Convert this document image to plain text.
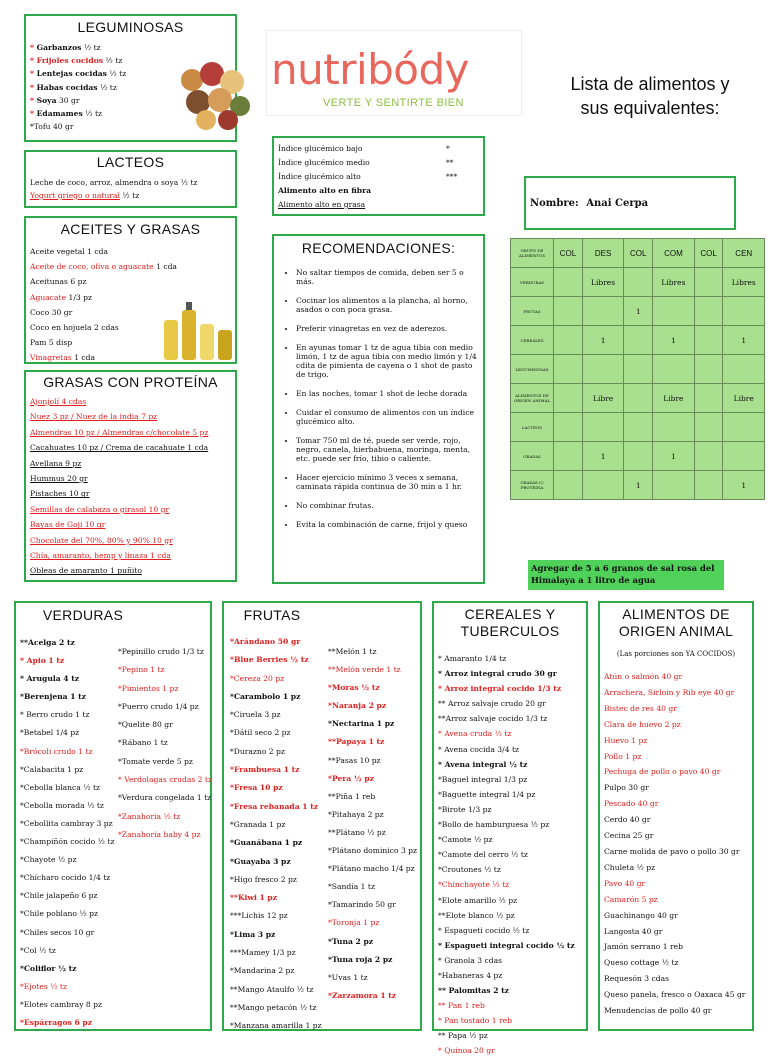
LEGUMINOSAS
* Garbanzos ½ tz
* Frijoles cocidos ½ tz
* Lentejas cocidas ½ tz
* Habas cocidas ½ tz
* Soya 30 gr
* Edamames ½ tz
*Tofu 40 gr
LACTEOS
Leche de coco, arroz, almendra o soya ½ tz
Yogurt griego o natural ½ tz
ACEITES Y GRASAS
Aceite vegetal 1 cda
Aceite de coco, oliva o aguacate 1 cda
Aceitunas 6 pz
Aguacate 1/3 pz
Coco 30 gr
Coco en hojuela 2 cdas
Pam 5 disp
Vinagretas 1 cda
GRASAS CON PROTEÍNA
Ajonjolí 4 cdas
Nuez 3 pz / Nuez de la india 7 pz
Almendras 10 pz / Almendras c/chocolate 5 pz
Cacahuates 10 pz / Crema de cacahuate 1 cda
Avellana 9 pz
Hummus 20 gr
Pistaches 10 gr
Semillas de calabaza o girasol 10 gr
Bayas de Goji 10 gr
Chocolate del 70%, 80% y 90% 10 gr
Chía, amaranto, hemp y linaza 1 cda
Obleas de amaranto 1 puñito
nutribódy
VERTE Y SENTIRTE BIEN
Lista de alimentos y sus equivalentes:
Índice glucémico bajo	*
Índice glucémico medio	**
Índice glucémico alto	***
Alimento alto en fibra
Alimento alto en grasa	Nombre: Anai Cerpa
RECOMENDACIONES:
• No saltar tiempos de comida, deben ser 5 o más.
• Cocinar los alimentos a la plancha, al horno, asados o con poca grasa.
• Preferir vinagretas en vez de aderezos.
• En ayunas tomar 1 tz de agua tibia con medio limón, 1 tz de agua tibia con medio limón y 1/4 cdita de pimienta de cayena o 1 shot de pasto de trigo.
• En las noches, tomar 1 shot de leche dorada
• Cuidar el consumo de alimentos con un índice glucémico alto.
• Tomar 750 ml de té, puede ser verde, rojo, negro, canela, hierbabuena, moringa, menta, etc. puede ser frío, tibio o caliente.
• Hacer ejercicio mínimo 3 veces x semana, caminata rápida continua de 30 min a 1 hr.
• No combinar frutas.
• Evita la combinación de carne, frijol y queso
GRUPO DE ALIMENTOS	COL	DES	COL	COM	COL	CEN
VERDURAS		Libres		Libres		Libres
FRUTAS			1			
CEREALES		1		1		1
LEGUMINOSAS						
ALIMENTOS DE ORIGEN ANIMAL		Libre		Libre		Libre
LACTEOS						
GRASAS		1		1		
GRASAS C/ PROTEINA			1			1
Agregar de 5 a 6 granos de sal rosa del Himalaya a 1 litro de agua
VERDURAS
**Acelga 2 tz
* Apio 1 tz
* Arugula 4 tz
*Berenjena 1 tz
* Berro crudo 1 tz
*Betabel 1/4 pz
*Brócoli crudo 1 tz
*Calabacita 1 pz
*Cebolla blanca ½ tz
*Cebolla morada ½ tz
*Cebollita cambray 3 pz
*Champiñón cocido ½ tz
*Chayote ½ pz
*Chícharo cocido 1/4 tz
*Chile jalapeño 6 pz
*Chile poblano ½ pz
*Chiles secos 10 gr
*Col ½ tz
*Coliflor ½ tz
*Ejotes ½ tz
*Elotes cambray 8 pz
*Espárragos 6 pz
*Pepinillo crudo 1/3 tz
*Pepino 1 tz
*Pimientos 1 pz
*Puerro crudo 1/4 pz
*Quelite 80 gr
*Rábano 1 tz
*Tomate verde 5 pz
* Verdolagas crudas 2 tz
*Verdura congelada 1 tz
*Zanahoria ½ tz
*Zanahoria baby 4 pz
FRUTAS
*Arándano 50 gr
*Blue Berries ½ tz
*Cereza 20 pz
*Carambolo 1 pz
*Ciruela 3 pz
*Dátil seco 2 pz
*Durazno 2 pz
*Frambuesa 1 tz
*Fresa 10 pz
*Fresa rebanada 1 tz
*Granada 1 pz
*Guanábana 1 pz
*Guayaba 3 pz
*Higo fresco 2 pz
**Kiwi 1 pz
***Lichis 12 pz
*Lima 3 pz
***Mamey 1/3 pz
*Mandarina 2 pz
**Mango Ataulfo ½ tz
**Mango petacón ½ tz
*Manzana amarilla 1 pz
**Melón 1 tz
**Melón verde 1 tz
*Moras ½ tz
*Naranja 2 pz
*Nectarina 1 pz
**Papaya 1 tz
**Pasas 10 pz
*Pera ½ pz
**Piña 1 reb
*Pitahaya 2 pz
**Plátano ½ pz
*Plátano dominico 3 pz
*Plátano macho 1/4 pz
*Sandía 1 tz
*Tamarindo 50 gr
*Toronja 1 pz
*Tuna 2 pz
*Tuna roja 2 pz
*Uvas 1 tz
*Zarzamora 1 tz
CEREALES Y TUBERCULOS
* Amaranto 1/4 tz
* Arroz integral crudo 30 gr
* Arroz integral cocido 1/3 tz
** Arroz salvaje crudo 20 gr
**Arroz salvaje cocido 1/3 tz
* Avena cruda ½ tz
* Avena cocida 3/4 tz
* Avena integral ½ tz
*Baguel integral 1/3 pz
*Baguette integral 1/4 pz
*Birote 1/3 pz
*Bollo de hamburguesa ½ pz
*Camote ½ pz
*Camote del cerro ½ tz
*Croutones ½ tz
*Chinchayote ½ tz
*Elote amarillo ½ pz
**Elote blanco ½ pz
* Espagueti cocido ½ tz
* Espagueti integral cocido ½ tz
* Granola 3 cdas
*Habaneras 4 pz
** Palomitas 2 tz
** Pan 1 reb
* Pan tostado 1 reb
** Papa ½ pz
* Quinoa 20 gr
ALIMENTOS DE ORIGEN ANIMAL
(Las porciones son YA COCIDOS)
Atún o salmón 40 gr
Arrachera, Sirloin y Rib eye 40 gr
Bistec de res 40 gr
Clara de huevo 2 pz
Huevo 1 pz
Pollo 1 pz
Pechuga de pollo o pavo 40 gr
Pulpo 30 gr
Pescado 40 gr
Cerdo 40 gr
Cecina 25 gr
Carne molida de pavo o pollo 30 gr
Chuleta ½ pz
Pavo 40 gr
Camarón 5 pz
Guachinango 40 gr
Langosta 40 gr
Jamón serrano 1 reb
Queso cottage ½ tz
Requesón 3 cdas
Queso panela, fresco o Oaxaca 45 gr
Menudencias de pollo 40 gr
